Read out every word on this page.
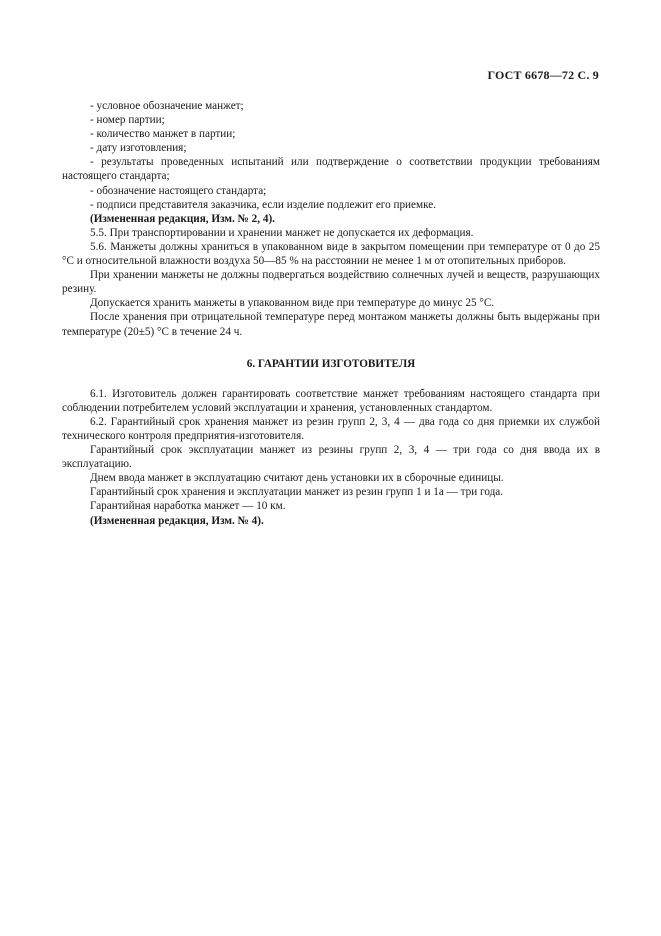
ГОСТ 6678—72 С. 9

- условное обозначение манжет;

- номер партии;

- количество манжет в партии;

- дату изготовления;

- результаты проведенных испытаний или подтверждение о соответствии продукции требованиям настоящего стандарта;

- обозначение настоящего стандарта;

- подписи представителя заказчика, если изделие подлежит его приемке.

(Измененная редакция, Изм. № 2, 4).

5.5. При транспортировании и хранении манжет не допускается их деформация.

5.6. Манжеты должны храниться в упакованном виде в закрытом помещении при температуре от 0 до 25 °С и относительной влажности воздуха 50—85 % на расстоянии не менее 1 м от отопительных приборов.

При хранении манжеты не должны подвергаться воздействию солнечных лучей и веществ, разрушающих резину.

Допускается хранить манжеты в упакованном виде при температуре до минус 25 °С.

После хранения при отрицательной температуре перед монтажом манжеты должны быть выдержаны при температуре (20±5) °С в течение 24 ч.

6. ГАРАНТИИ ИЗГОТОВИТЕЛЯ

6.1. Изготовитель должен гарантировать соответствие манжет требованиям настоящего стандарта при соблюдении потребителем условий эксплуатации и хранения, установленных стандартом.

6.2. Гарантийный срок хранения манжет из резин групп 2, 3, 4 — два года со дня приемки их службой технического контроля предприятия-изготовителя.

Гарантийный срок эксплуатации манжет из резины групп 2, 3, 4 — три года со дня ввода их в эксплуатацию.

Днем ввода манжет в эксплуатацию считают день установки их в сборочные единицы.

Гарантийный срок хранения и эксплуатации манжет из резин групп 1 и 1а — три года.

Гарантийная наработка манжет — 10 км.

(Измененная редакция, Изм. № 4).
